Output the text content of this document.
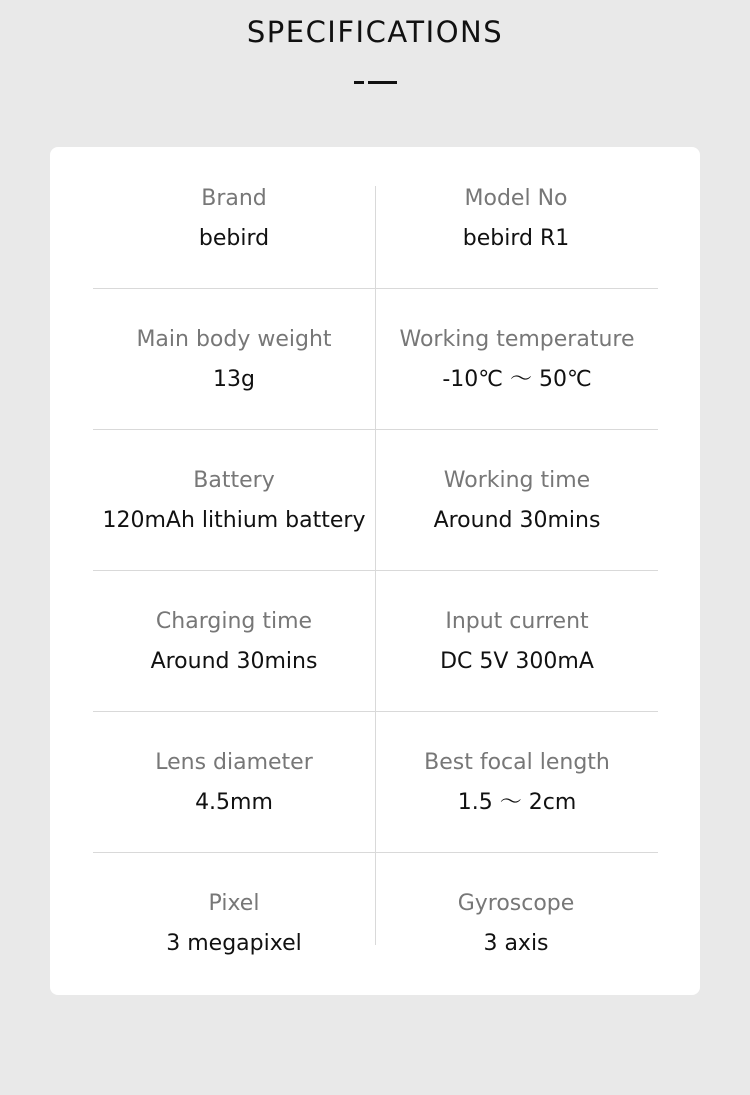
SPECIFICATIONS
Brand
bebird
Model No
bebird R1
Main body weight
13g
Working temperature
-10℃ ～ 50℃
Battery
120mAh lithium battery
Working time
Around 30mins
Charging time
Around 30mins
Input current
DC 5V 300mA
Lens diameter
4.5mm
Best focal length
1.5 ～ 2cm
Pixel
3 megapixel
Gyroscope
3 axis
